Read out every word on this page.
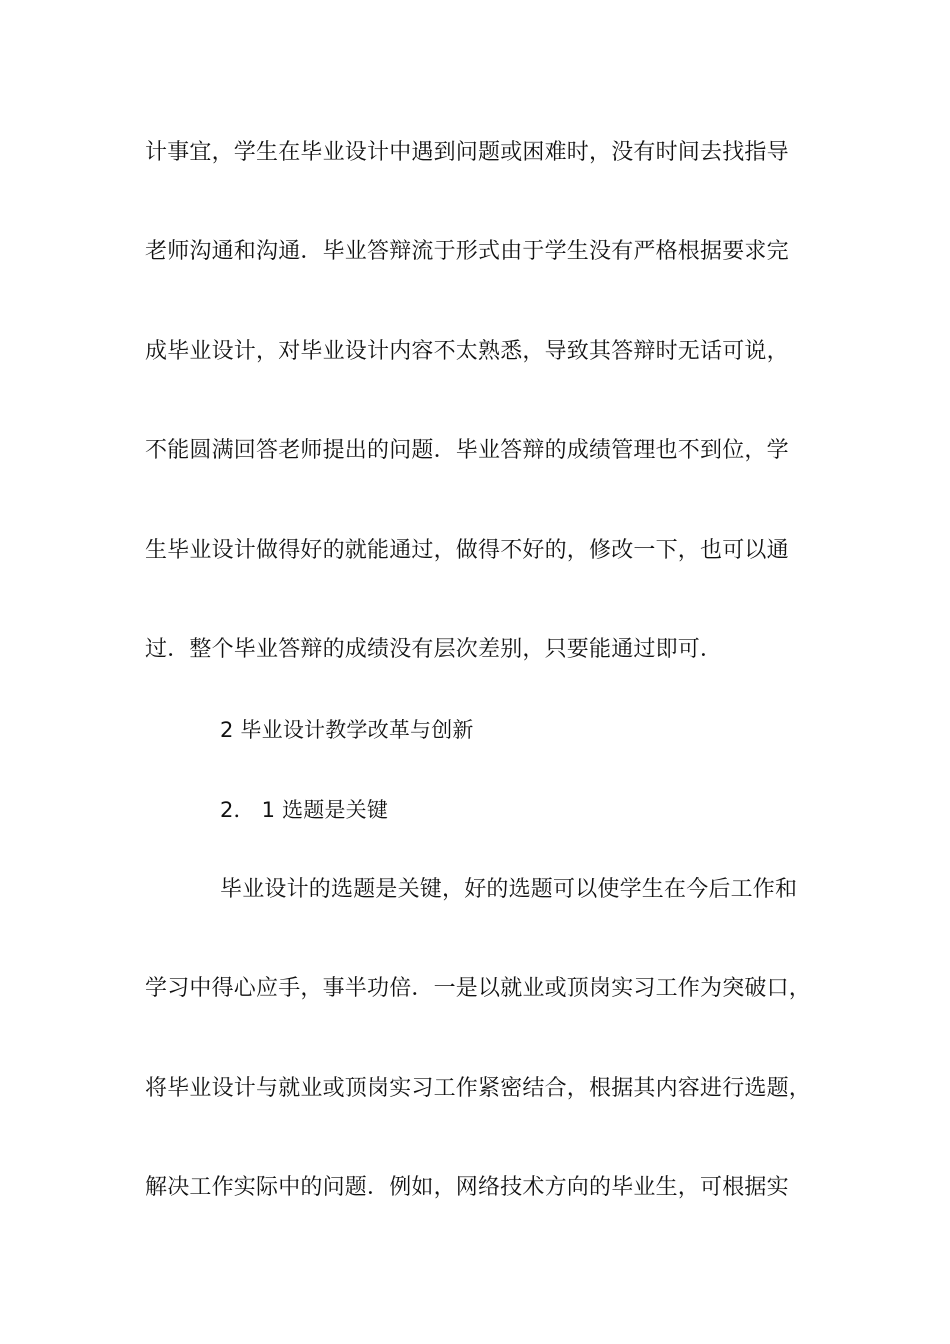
计事宜，学生在毕业设计中遇到问题或困难时，没有时间去找指导
老师沟通和沟通．毕业答辩流于形式由于学生没有严格根据要求完
成毕业设计，对毕业设计内容不太熟悉，导致其答辩时无话可说，
不能圆满回答老师提出的问题．毕业答辩的成绩管理也不到位，学
生毕业设计做得好的就能通过，做得不好的，修改一下，也可以通
过．整个毕业答辩的成绩没有层次差别，只要能通过即可．
2 毕业设计教学改革与创新
2． 1 选题是关键
毕业设计的选题是关键，好的选题可以使学生在今后工作和
学习中得心应手，事半功倍．一是以就业或顶岗实习工作为突破口，
将毕业设计与就业或顶岗实习工作紧密结合，根据其内容进行选题，
解决工作实际中的问题．例如，网络技术方向的毕业生，可根据实
